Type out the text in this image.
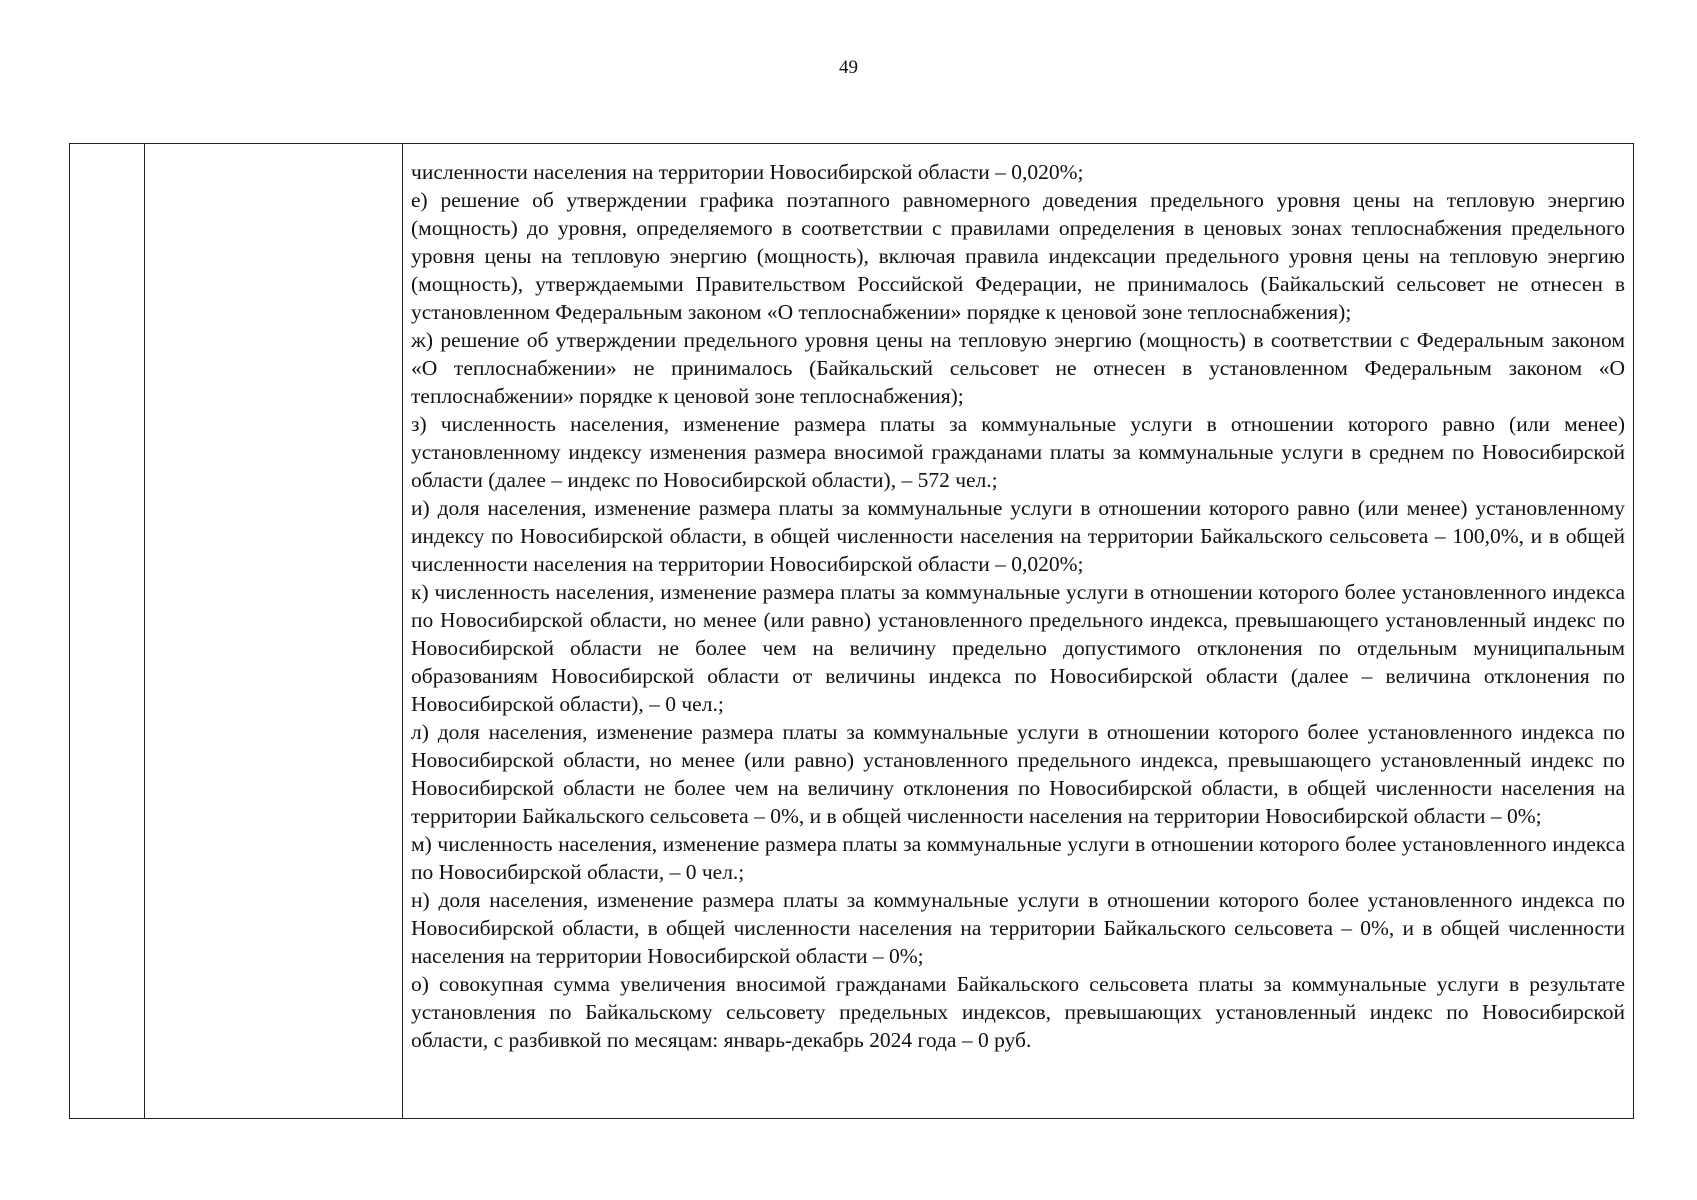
49

численности населения на территории Новосибирской области – 0,020%;

е) решение об утверждении графика поэтапного равномерного доведения предельного уровня цены на тепловую энергию (мощность) до уровня, определяемого в соответствии с правилами определения в ценовых зонах теплоснабжения предельного уровня цены на тепловую энергию (мощность), включая правила индексации предельного уровня цены на тепловую энергию (мощность), утверждаемыми Правительством Российской Федерации, не принималось (Байкальский сельсовет не отнесен в установленном Федеральным законом «О теплоснабжении» порядке к ценовой зоне теплоснабжения);

ж) решение об утверждении предельного уровня цены на тепловую энергию (мощность) в соответствии с Федеральным законом «О теплоснабжении» не принималось (Байкальский сельсовет не отнесен в установленном Федеральным законом «О теплоснабжении» порядке к ценовой зоне теплоснабжения);

з) численность населения, изменение размера платы за коммунальные услуги в отношении которого равно (или менее) установленному индексу изменения размера вносимой гражданами платы за коммунальные услуги в среднем по Новосибирской области (далее – индекс по Новосибирской области), – 572 чел.;

и) доля населения, изменение размера платы за коммунальные услуги в отношении которого равно (или менее) установленному индексу по Новосибирской области, в общей численности населения на территории Байкальского сельсовета – 100,0%, и в общей численности населения на территории Новосибирской области – 0,020%;

к) численность населения, изменение размера платы за коммунальные услуги в отношении которого более установленного индекса по Новосибирской области, но менее (или равно) установленного предельного индекса, превышающего установленный индекс по Новосибирской области не более чем на величину предельно допустимого отклонения по отдельным муниципальным образованиям Новосибирской области от величины индекса по Новосибирской области (далее – величина отклонения по Новосибирской области), – 0 чел.;

л) доля населения, изменение размера платы за коммунальные услуги в отношении которого более установленного индекса по Новосибирской области, но менее (или равно) установленного предельного индекса, превышающего установленный индекс по Новосибирской области не более чем на величину отклонения по Новосибирской области, в общей численности населения на территории Байкальского сельсовета – 0%, и в общей численности населения на территории Новосибирской области – 0%;

м) численность населения, изменение размера платы за коммунальные услуги в отношении которого более установленного индекса по Новосибирской области, – 0 чел.;

н) доля населения, изменение размера платы за коммунальные услуги в отношении которого более установленного индекса по Новосибирской области, в общей численности населения на территории Байкальского сельсовета – 0%, и в общей численности населения на территории Новосибирской области – 0%;

о) совокупная сумма увеличения вносимой гражданами Байкальского сельсовета платы за коммунальные услуги в результате установления по Байкальскому сельсовету предельных индексов, превышающих установленный индекс по Новосибирской области, с разбивкой по месяцам: январь-декабрь 2024 года – 0 руб.
